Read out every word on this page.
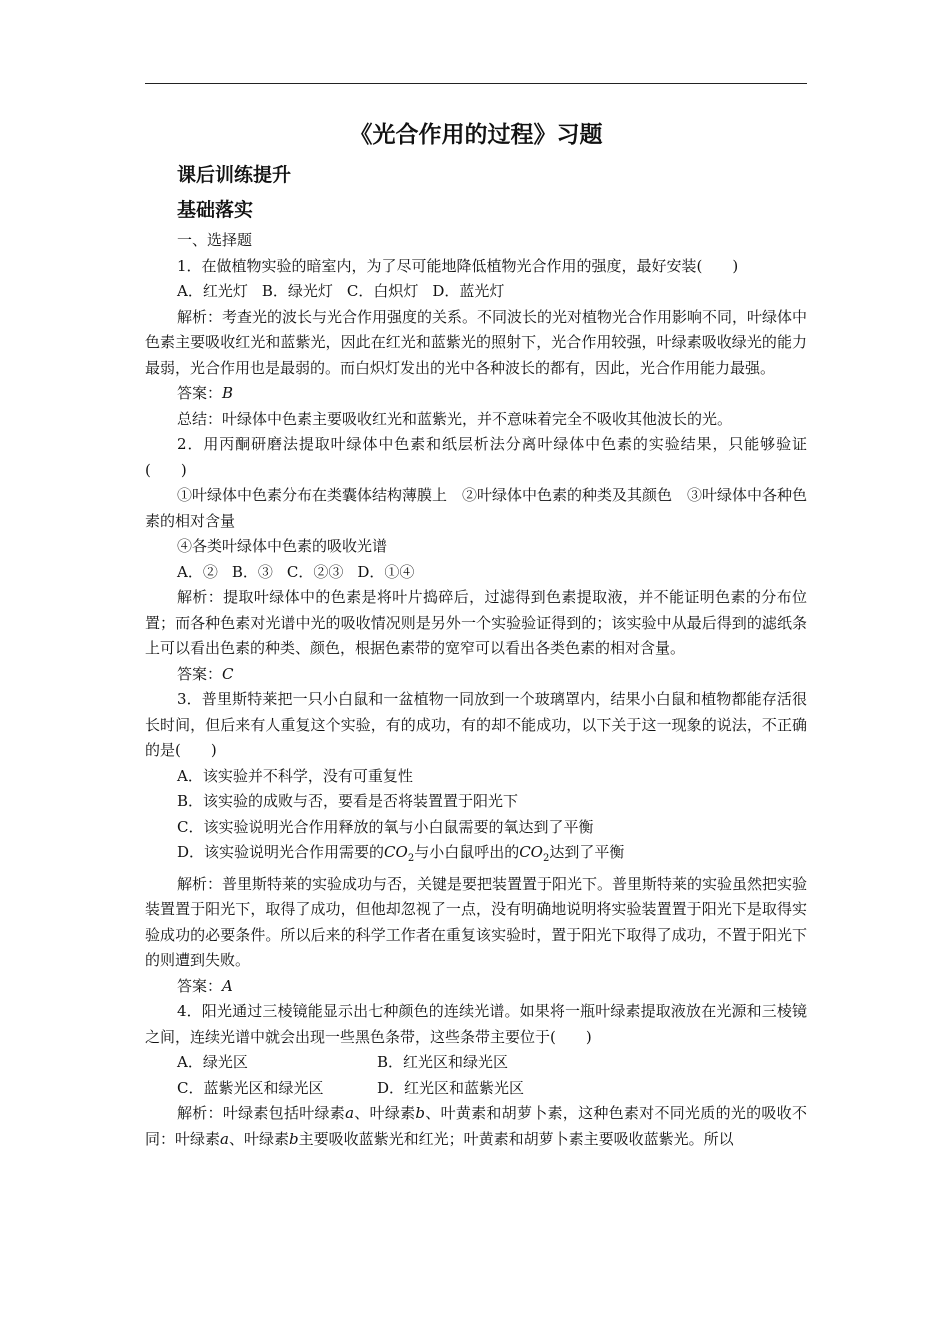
《光合作用的过程》习题
课后训练提升
基础落实

一、选择题

1．在做植物实验的暗室内，为了尽可能地降低植物光合作用的强度，最好安装(　　)

A．红光灯 B．绿光灯 C．白炽灯 D．蓝光灯

解析：考查光的波长与光合作用强度的关系。不同波长的光对植物光合作用影响不同，叶绿体中色素主要吸收红光和蓝紫光，因此在红光和蓝紫光的照射下，光合作用较强，叶绿素吸收绿光的能力最弱，光合作用也是最弱的。而白炽灯发出的光中各种波长的都有，因此，光合作用能力最强。

答案：B

总结：叶绿体中色素主要吸收红光和蓝紫光，并不意味着完全不吸收其他波长的光。

2．用丙酮研磨法提取叶绿体中色素和纸层析法分离叶绿体中色素的实验结果，只能够验证(　　)

①叶绿体中色素分布在类囊体结构薄膜上　②叶绿体中色素的种类及其颜色　③叶绿体中各种色素的相对含量

④各类叶绿体中色素的吸收光谱

A．② B．③ C．②③ D．①④

解析：提取叶绿体中的色素是将叶片捣碎后，过滤得到色素提取液，并不能证明色素的分布位置；而各种色素对光谱中光的吸收情况则是另外一个实验验证得到的；该实验中从最后得到的滤纸条上可以看出色素的种类、颜色，根据色素带的宽窄可以看出各类色素的相对含量。

答案：C

3．普里斯特莱把一只小白鼠和一盆植物一同放到一个玻璃罩内，结果小白鼠和植物都能存活很长时间，但后来有人重复这个实验，有的成功，有的却不能成功，以下关于这一现象的说法，不正确的是(　　)

A．该实验并不科学，没有可重复性

B．该实验的成败与否，要看是否将装置置于阳光下

C．该实验说明光合作用释放的氧与小白鼠需要的氧达到了平衡

D．该实验说明光合作用需要的$CO_2$与小白鼠呼出的$CO_2$达到了平衡

解析：普里斯特莱的实验成功与否，关键是要把装置置于阳光下。普里斯特莱的实验虽然把实验装置置于阳光下，取得了成功，但他却忽视了一点，没有明确地说明将实验装置置于阳光下是取得实验成功的必要条件。所以后来的科学工作者在重复该实验时，置于阳光下取得了成功，不置于阳光下的则遭到失败。

答案：A

4．阳光通过三棱镜能显示出七种颜色的连续光谱。如果将一瓶叶绿素提取液放在光源和三棱镜之间，连续光谱中就会出现一些黑色条带，这些条带主要位于(　　)

A．绿光区	B．红光区和绿光区
C．蓝紫光区和绿光区	D．红光区和蓝紫光区

解析：叶绿素包括叶绿素a、叶绿素b、叶黄素和胡萝卜素，这种色素对不同光质的光的吸收不同：叶绿素a、叶绿素b主要吸收蓝紫光和红光；叶黄素和胡萝卜素主要吸收蓝紫光。所以
